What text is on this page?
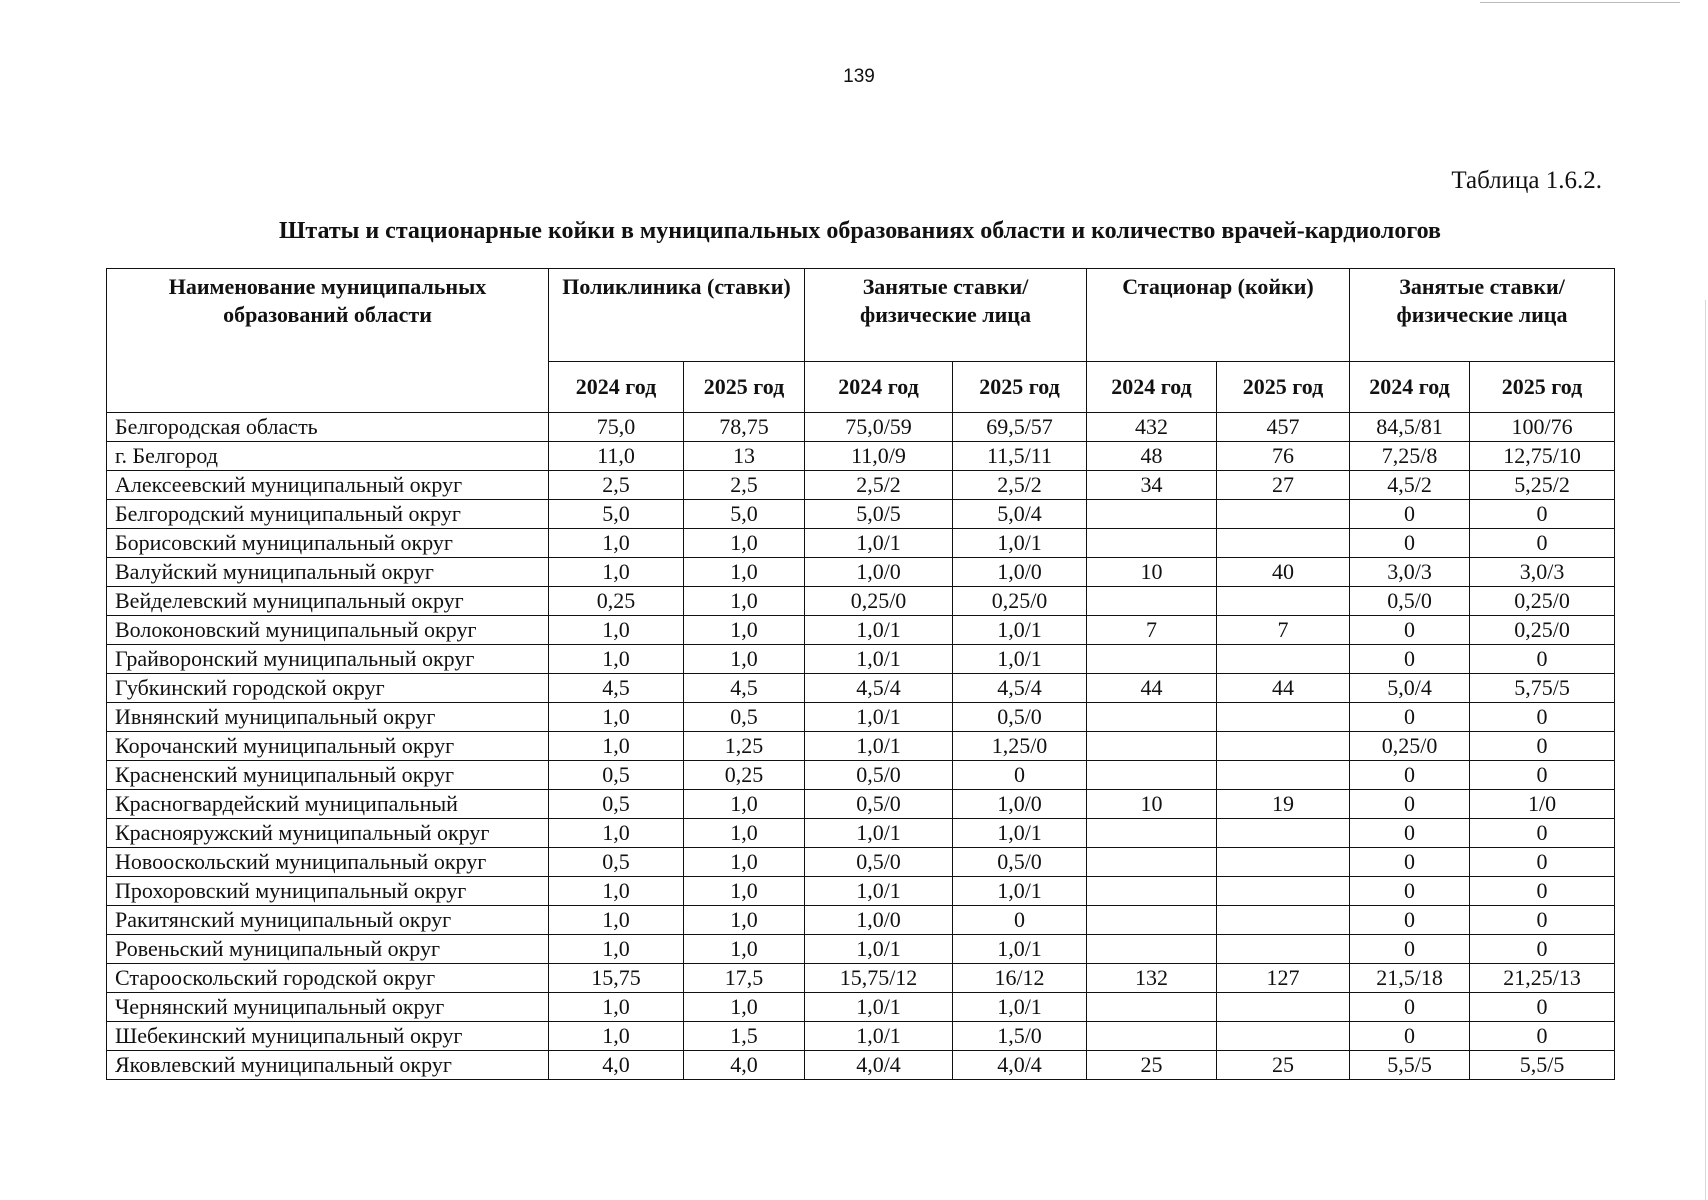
139
Таблица 1.6.2.
Штаты и стационарные койки в муниципальных образованиях области и количество врачей-кардиологов
Наименование муниципальных образований области	Поликлиника (ставки)		Занятые ставки/ физические лица		Стационар (койки)		Занятые ставки/ физические лица	
	2024 год	2025 год	2024 год	2025 год	2024 год	2025 год	2024 год	2025 год
Белгородская область	75,0	78,75	75,0/59	69,5/57	432	457	84,5/81	100/76
г. Белгород	11,0	13	11,0/9	11,5/11	48	76	7,25/8	12,75/10
Алексеевский муниципальный округ	2,5	2,5	2,5/2	2,5/2	34	27	4,5/2	5,25/2
Белгородский муниципальный округ	5,0	5,0	5,0/5	5,0/4			0	0
Борисовский муниципальный округ	1,0	1,0	1,0/1	1,0/1			0	0
Валуйский муниципальный округ	1,0	1,0	1,0/0	1,0/0	10	40	3,0/3	3,0/3
Вейделевский муниципальный округ	0,25	1,0	0,25/0	0,25/0			0,5/0	0,25/0
Волоконовский муниципальный округ	1,0	1,0	1,0/1	1,0/1	7	7	0	0,25/0
Грайворонский муниципальный округ	1,0	1,0	1,0/1	1,0/1			0	0
Губкинский городской округ	4,5	4,5	4,5/4	4,5/4	44	44	5,0/4	5,75/5
Ивнянский муниципальный округ	1,0	0,5	1,0/1	0,5/0			0	0
Корочанский муниципальный округ	1,0	1,25	1,0/1	1,25/0			0,25/0	0
Красненский муниципальный округ	0,5	0,25	0,5/0	0			0	0
Красногвардейский муниципальный	0,5	1,0	0,5/0	1,0/0	10	19	0	1/0
Краснояружский муниципальный округ	1,0	1,0	1,0/1	1,0/1			0	0
Новооскольский муниципальный округ	0,5	1,0	0,5/0	0,5/0			0	0
Прохоровский муниципальный округ	1,0	1,0	1,0/1	1,0/1			0	0
Ракитянский муниципальный округ	1,0	1,0	1,0/0	0			0	0
Ровеньский муниципальный округ	1,0	1,0	1,0/1	1,0/1			0	0
Старооскольский городской округ	15,75	17,5	15,75/12	16/12	132	127	21,5/18	21,25/13
Чернянский муниципальный округ	1,0	1,0	1,0/1	1,0/1			0	0
Шебекинский муниципальный округ	1,0	1,5	1,0/1	1,5/0			0	0
Яковлевский муниципальный округ	4,0	4,0	4,0/4	4,0/4	25	25	5,5/5	5,5/5
